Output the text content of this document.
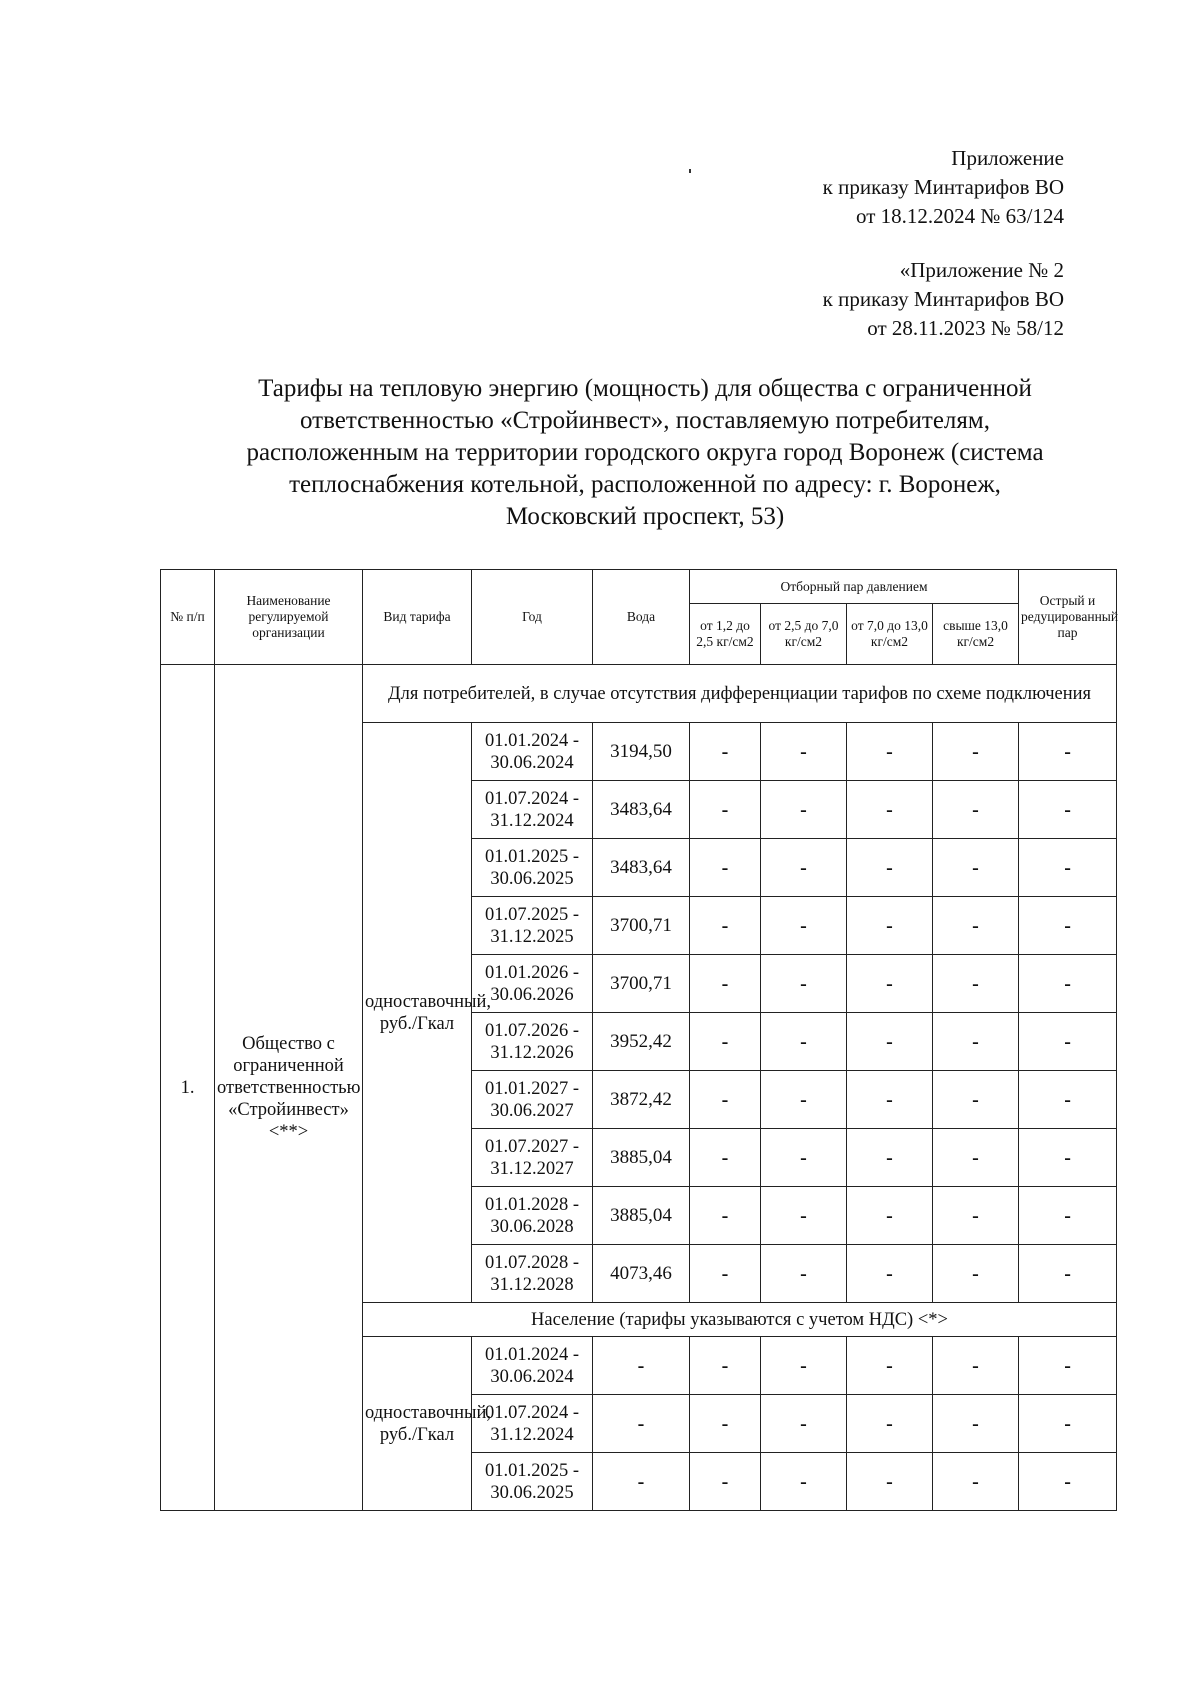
Приложение
к приказу Минтарифов ВО
от 18.12.2024 № 63/124
«Приложение № 2
к приказу Минтарифов ВО
от 28.11.2023 № 58/12
Тарифы на тепловую энергию (мощность) для общества с ограниченной
ответственностью «Стройинвест», поставляемую потребителям,
расположенным на территории городского округа город Воронеж (система
теплоснабжения котельной, расположенной по адресу: г. Воронеж,
Московский проспект, 53)
№ п/п	Наименование регулируемой организации	Вид тарифа	Год	Вода	Отборный пар давлением				Острый и редуцированный пар
					от 1,2 до 2,5 кг/см2	от 2,5 до 7,0 кг/см2	от 7,0 до 13,0 кг/см2	свыше 13,0 кг/см2	
1.	Общество с ограниченной ответственностью «Стройинвест» <**>	Для потребителей, в случае отсутствия дифференциации тарифов по схеме подключения							
		одноставочный, руб./Гкал	01.01.2024 - 30.06.2024	3194,50	-	-	-	-	-
			01.07.2024 - 31.12.2024	3483,64	-	-	-	-	-
			01.01.2025 - 30.06.2025	3483,64	-	-	-	-	-
			01.07.2025 - 31.12.2025	3700,71	-	-	-	-	-
			01.01.2026 - 30.06.2026	3700,71	-	-	-	-	-
			01.07.2026 - 31.12.2026	3952,42	-	-	-	-	-
			01.01.2027 - 30.06.2027	3872,42	-	-	-	-	-
			01.07.2027 - 31.12.2027	3885,04	-	-	-	-	-
			01.01.2028 - 30.06.2028	3885,04	-	-	-	-	-
			01.07.2028 - 31.12.2028	4073,46	-	-	-	-	-
		Население (тарифы указываются с учетом НДС) <*>							
		одноставочный, руб./Гкал	01.01.2024 - 30.06.2024	-	-	-	-	-	-
			01.07.2024 - 31.12.2024	-	-	-	-	-	-
			01.01.2025 - 30.06.2025	-	-	-	-	-	-
